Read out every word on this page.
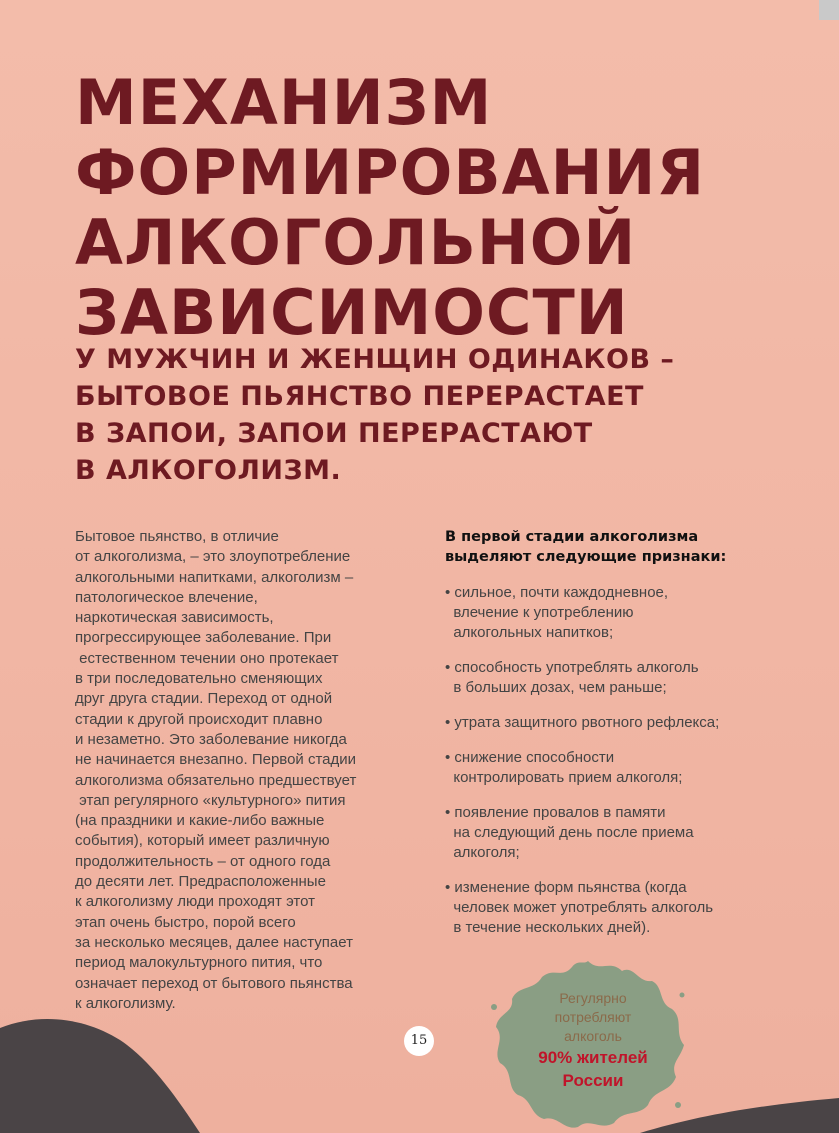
МЕХАНИЗМ
ФОРМИРОВАНИЯ
АЛКОГОЛЬНОЙ
ЗАВИСИМОСТИ
У МУЖЧИН И ЖЕНЩИН ОДИНАКОВ –
БЫТОВОЕ ПЬЯНСТВО ПЕРЕРАСТАЕТ
В ЗАПОИ, ЗАПОИ ПЕРЕРАСТАЮТ
В АЛКОГОЛИЗМ.
Бытовое пьянство, в отличие
от алкоголизма, – это злоупотребление
алкогольными напитками, алкоголизм –
патологическое влечение,
наркотическая зависимость,
прогрессирующее заболевание. При
естественном течении оно протекает
в три последовательно сменяющих
друг друга стадии. Переход от одной
стадии к другой происходит плавно
и незаметно. Это заболевание никогда
не начинается внезапно. Первой стадии
алкоголизма обязательно предшествует
этап регулярного «культурного» пития
(на праздники и какие-либо важные
события), который имеет различную
продолжительность – от одного года
до десяти лет. Предрасположенные
к алкоголизму люди проходят этот
этап очень быстро, порой всего
за несколько месяцев, далее наступает
период малокультурного пития, что
означает переход от бытового пьянства
к алкоголизму.
В первой стадии алкоголизма
выделяют следующие признаки:
• сильное, почти каждодневное,
влечение к употреблению
алкогольных напитков;
• способность употреблять алкоголь
в больших дозах, чем раньше;
• утрата защитного рвотного рефлекса;
• снижение способности
контролировать прием алкоголя;
• появление провалов в памяти
на следующий день после приема
алкоголя;
• изменение форм пьянства (когда
человек может употреблять алкоголь
в течение нескольких дней).
Регулярно
потребляют
алкоголь
90% жителей
России
15
